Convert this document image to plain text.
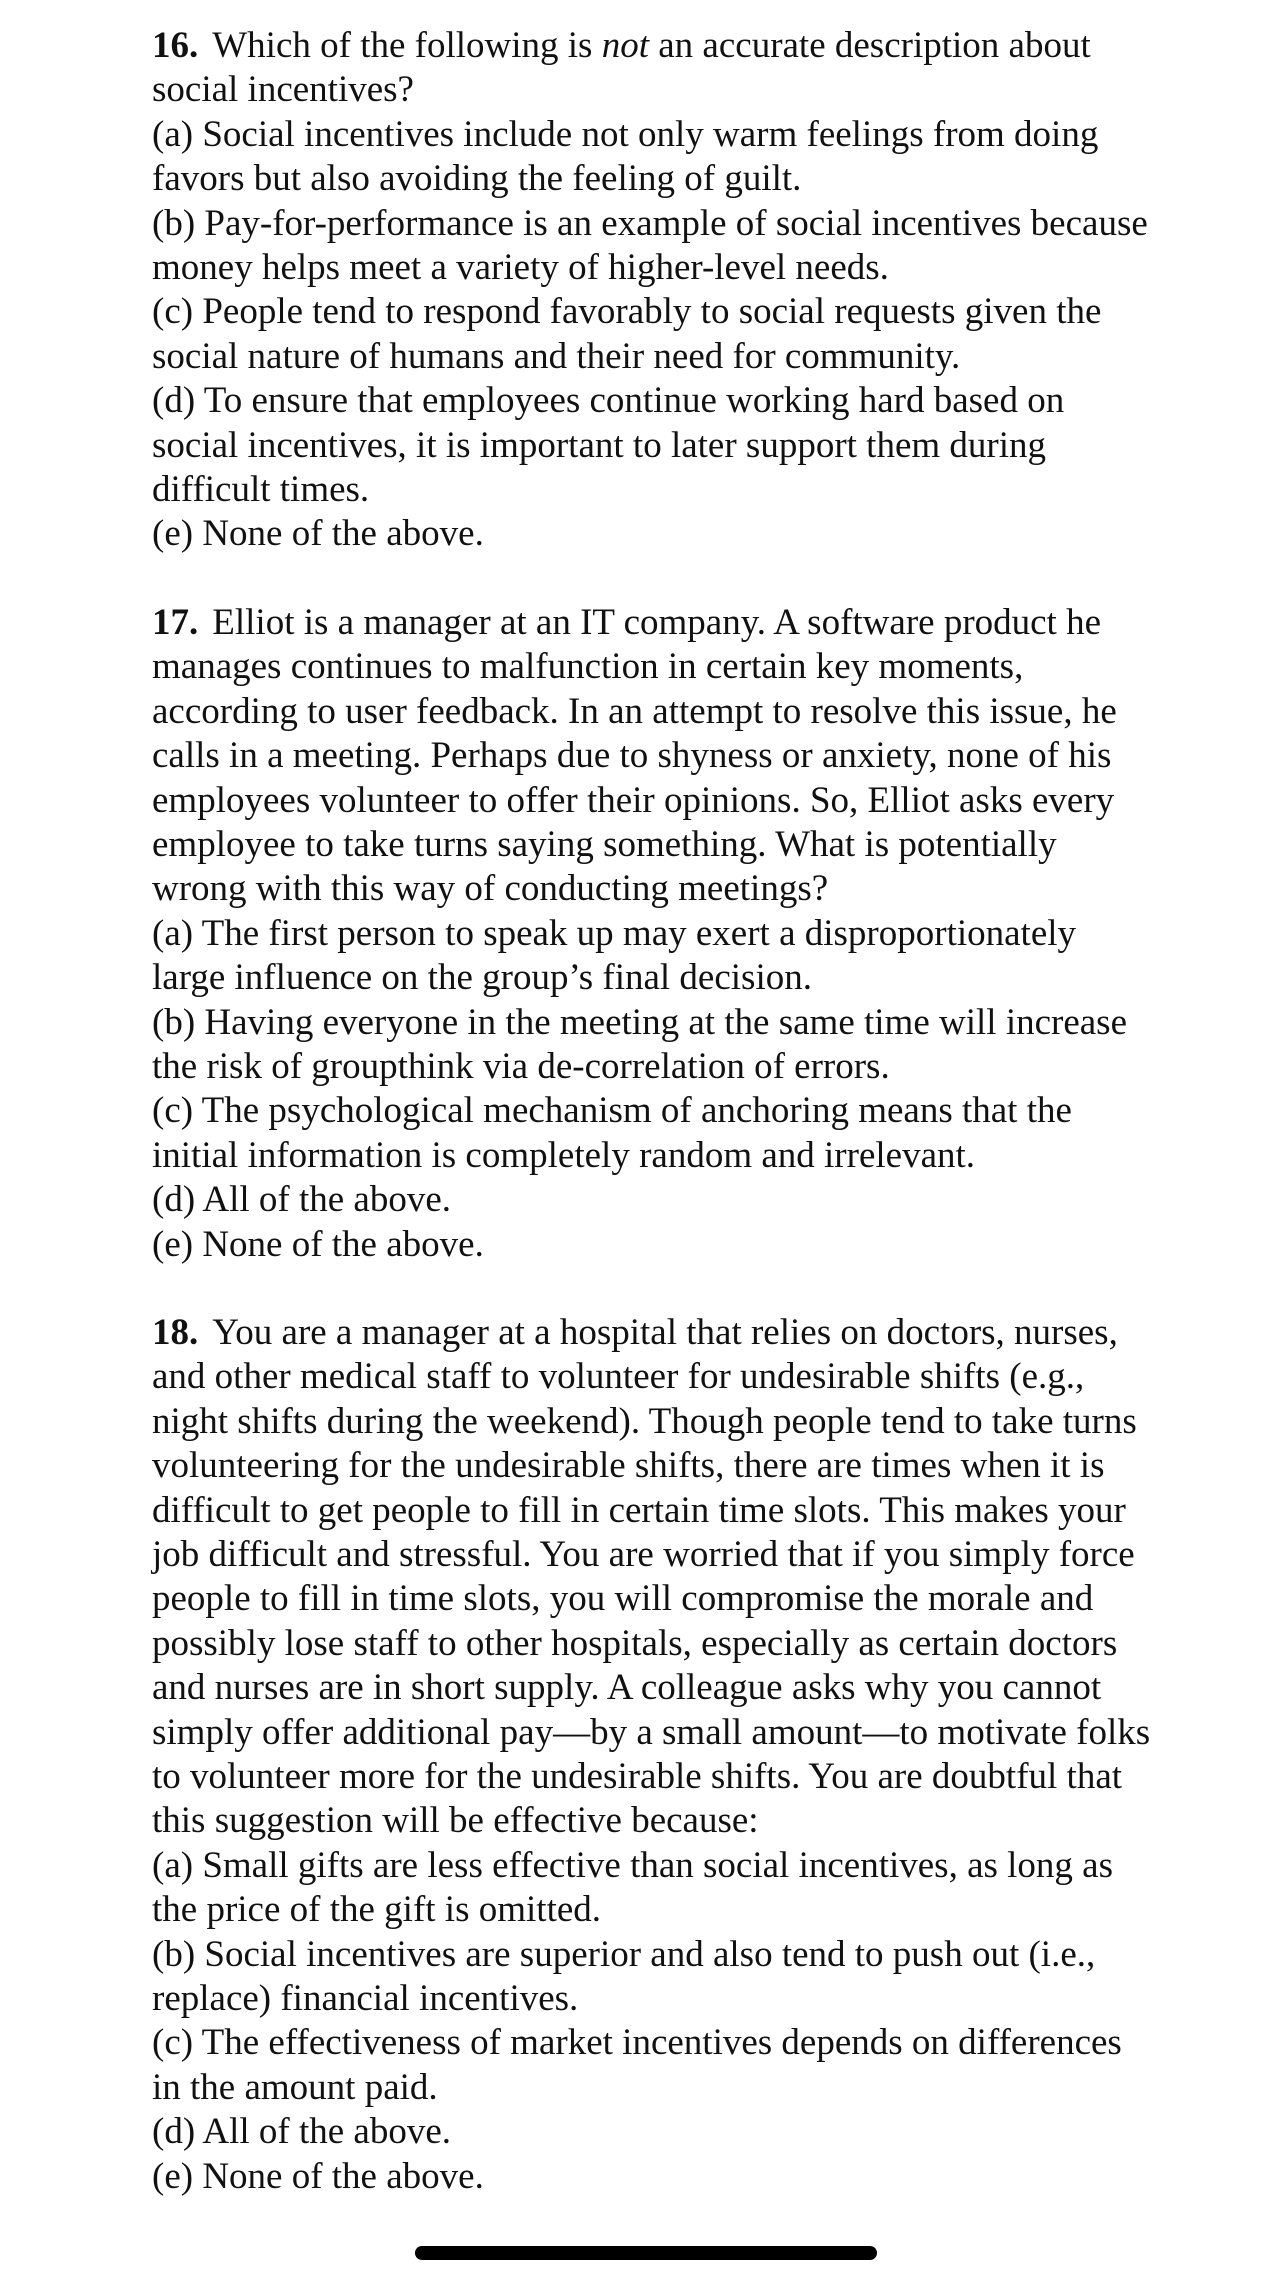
16. Which of the following is not an accurate description about social incentives?

(a) Social incentives include not only warm feelings from doing favors but also avoiding the feeling of guilt.

(b) Pay-for-performance is an example of social incentives because money helps meet a variety of higher-level needs.

(c) People tend to respond favorably to social requests given the social nature of humans and their need for community.

(d) To ensure that employees continue working hard based on social incentives, it is important to later support them during difficult times.

(e) None of the above.

17. Elliot is a manager at an IT company. A software product he manages continues to malfunction in certain key moments, according to user feedback. In an attempt to resolve this issue, he calls in a meeting. Perhaps due to shyness or anxiety, none of his employees volunteer to offer their opinions. So, Elliot asks every employee to take turns saying something. What is potentially wrong with this way of conducting meetings?

(a) The first person to speak up may exert a disproportionately large influence on the group’s final decision.

(b) Having everyone in the meeting at the same time will increase the risk of groupthink via de-correlation of errors.

(c) The psychological mechanism of anchoring means that the initial information is completely random and irrelevant.

(d) All of the above.

(e) None of the above.

18. You are a manager at a hospital that relies on doctors, nurses, and other medical staff to volunteer for undesirable shifts (e.g., night shifts during the weekend). Though people tend to take turns volunteering for the undesirable shifts, there are times when it is difficult to get people to fill in certain time slots. This makes your job difficult and stressful. You are worried that if you simply force people to fill in time slots, you will compromise the morale and possibly lose staff to other hospitals, especially as certain doctors and nurses are in short supply. A colleague asks why you cannot simply offer additional pay—by a small amount—to motivate folks to volunteer more for the undesirable shifts. You are doubtful that this suggestion will be effective because:

(a) Small gifts are less effective than social incentives, as long as the price of the gift is omitted.

(b) Social incentives are superior and also tend to push out (i.e., replace) financial incentives.

(c) The effectiveness of market incentives depends on differences in the amount paid.

(d) All of the above.

(e) None of the above.
